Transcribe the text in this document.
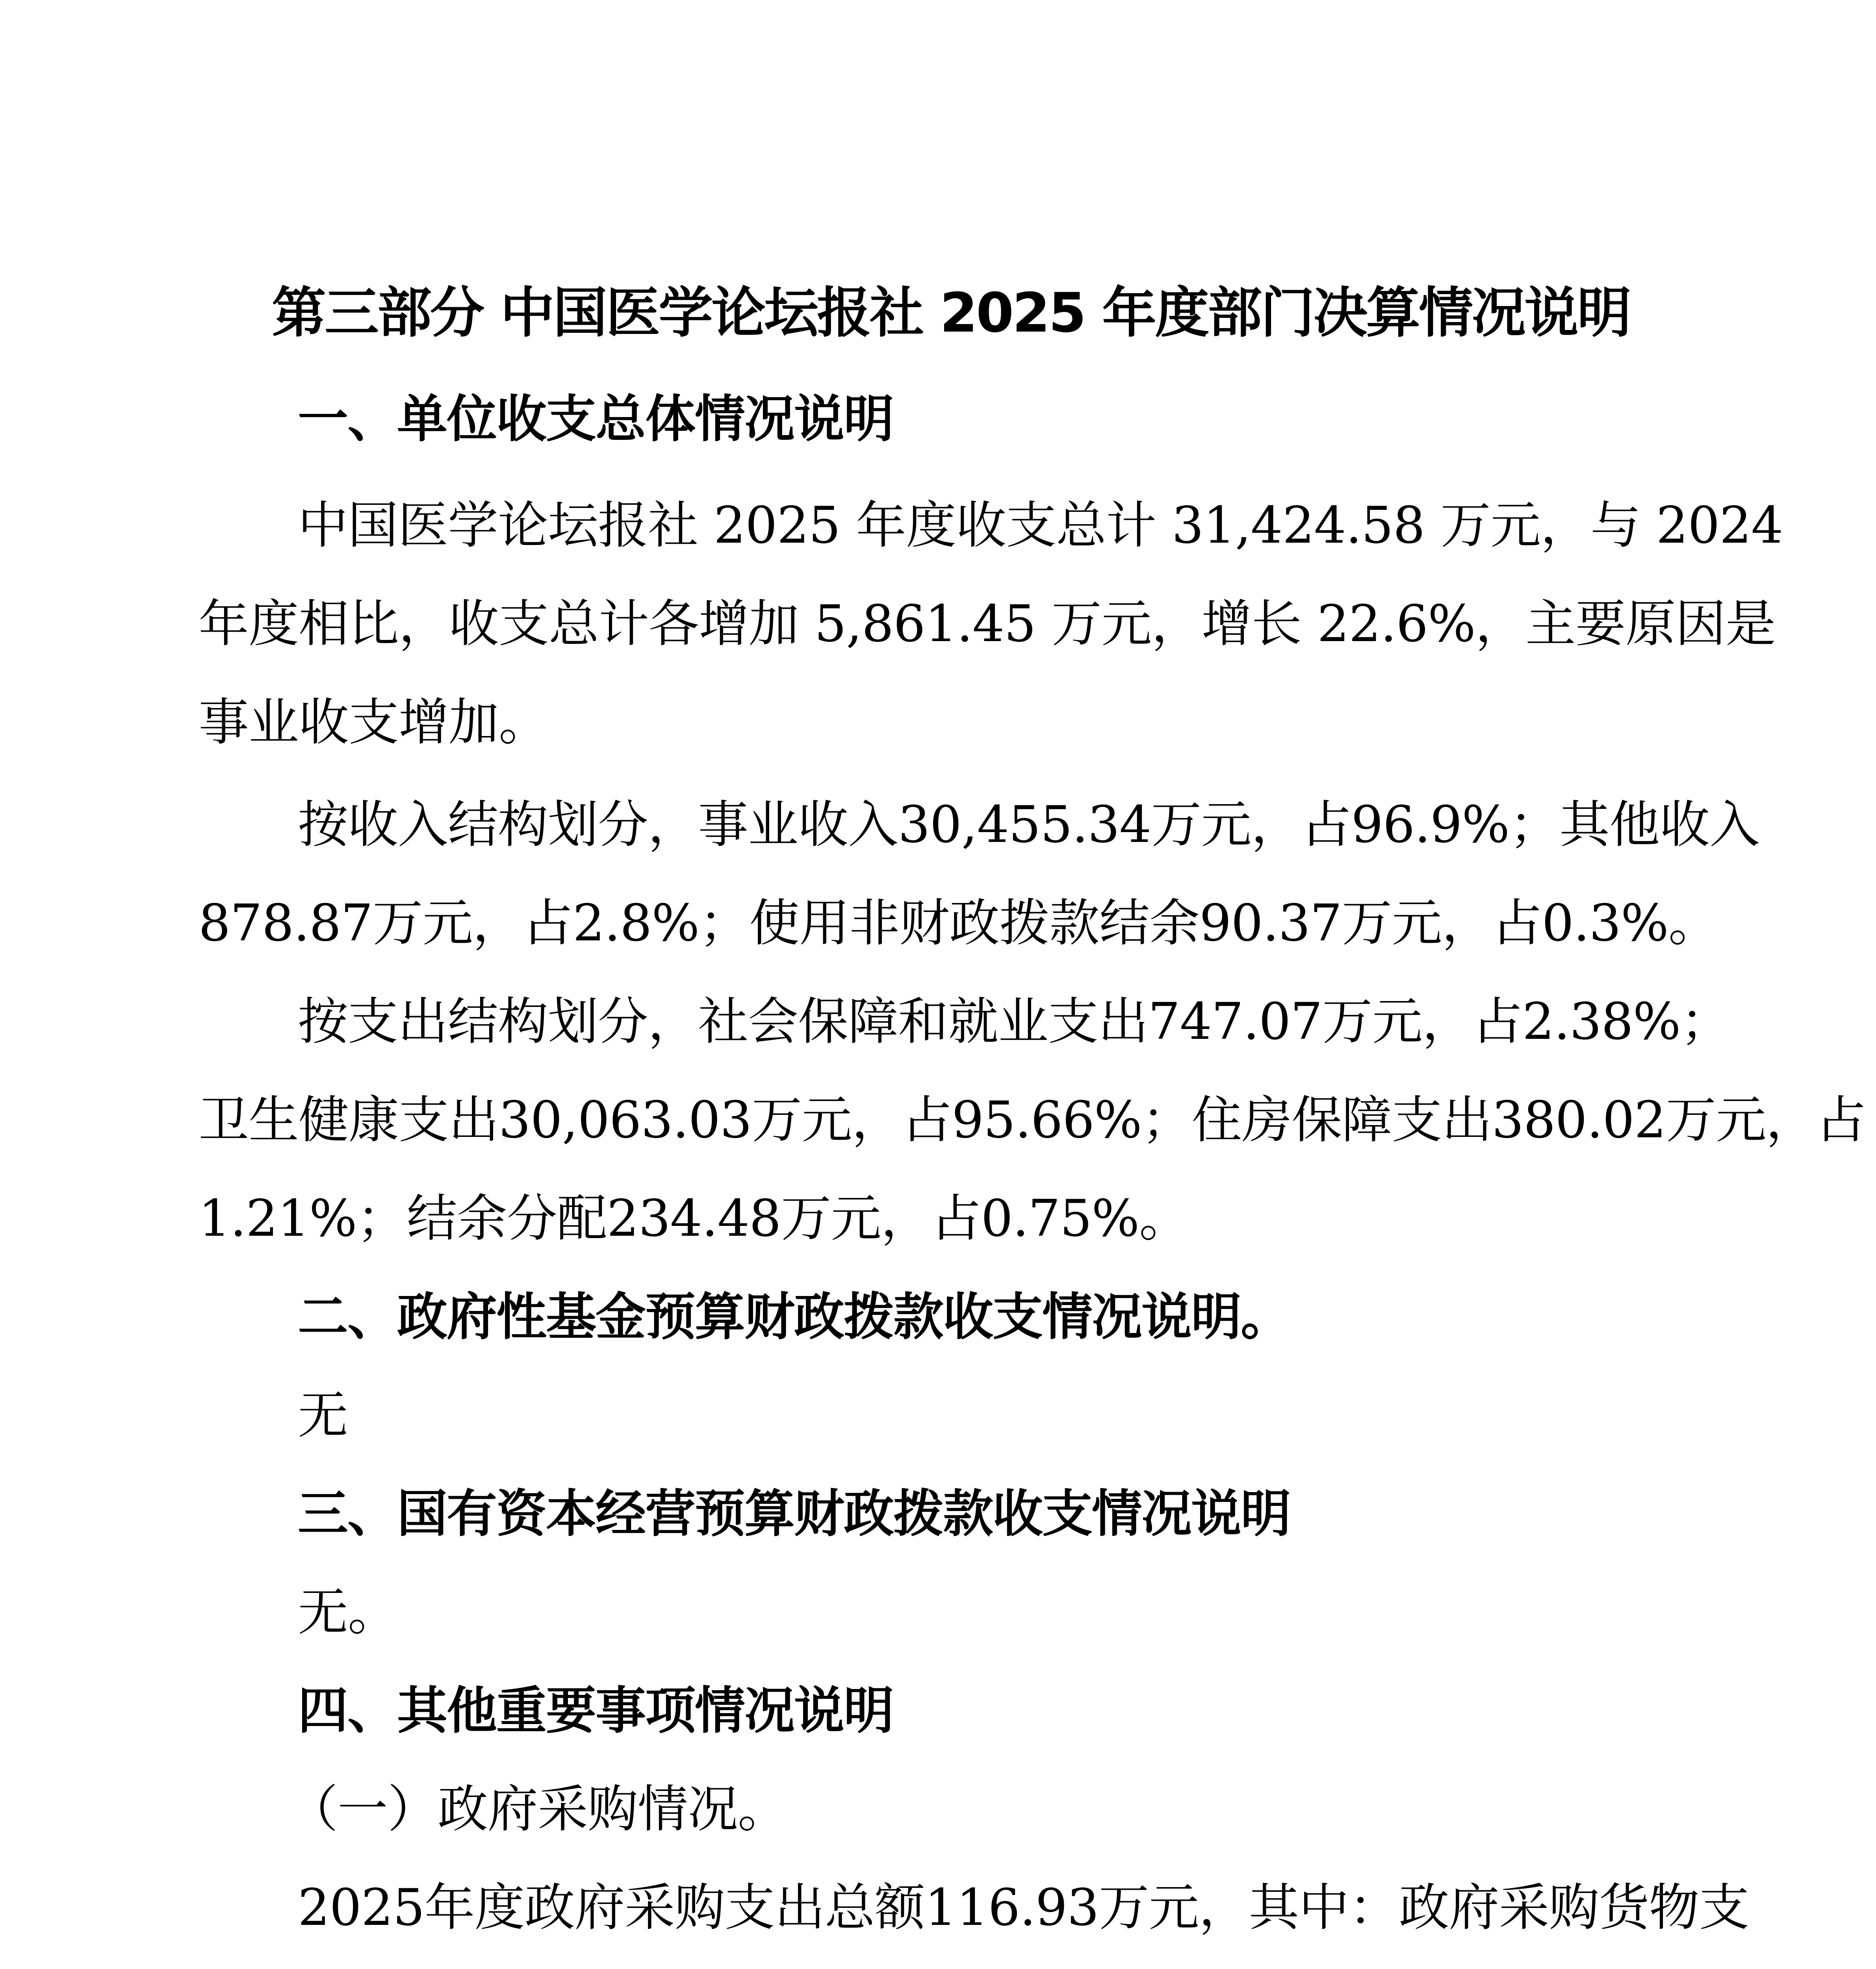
第三部分 中国医学论坛报社 2025 年度部门决算情况说明
一、单位收支总体情况说明
中国医学论坛报社 2025 年度收支总计 31,424.58 万元，与 2024
年度相比，收支总计各增加 5,861.45 万元，增长 22.6%，主要原因是
事业收支增加。
按收入结构划分，事业收入30,455.34万元，占96.9%；其他收入
878.87万元，占2.8%；使用非财政拨款结余90.37万元，占0.3%。
按支出结构划分，社会保障和就业支出747.07万元，占2.38%；
卫生健康支出30,063.03万元，占95.66%；住房保障支出380.02万元，占
1.21%；结余分配234.48万元，占0.75%。
二、政府性基金预算财政拨款收支情况说明。
无
三、国有资本经营预算财政拨款收支情况说明
无。
四、其他重要事项情况说明
（一）政府采购情况。
2025年度政府采购支出总额116.93万元，其中：政府采购货物支
